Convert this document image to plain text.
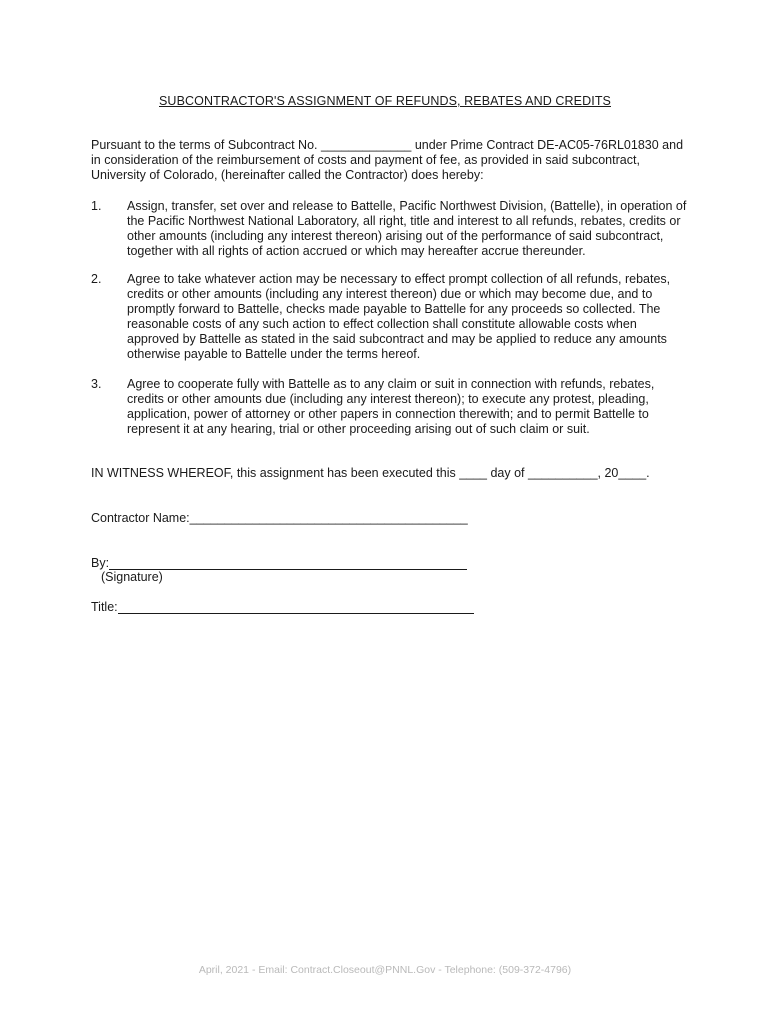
SUBCONTRACTOR'S ASSIGNMENT OF REFUNDS, REBATES AND CREDITS
Pursuant to the terms of Subcontract No. _____________ under Prime Contract DE-AC05-76RL01830 and in consideration of the reimbursement of costs and payment of fee, as provided in said subcontract, University of Colorado, (hereinafter called the Contractor) does hereby:
1.	Assign, transfer, set over and release to Battelle, Pacific Northwest Division, (Battelle), in operation of the Pacific Northwest National Laboratory, all right, title and interest to all refunds, rebates, credits or other amounts (including any interest thereon) arising out of the performance of said subcontract, together with all rights of action accrued or which may hereafter accrue thereunder.
2.	Agree to take whatever action may be necessary to effect prompt collection of all refunds, rebates, credits or other amounts (including any interest thereon) due or which may become due, and to promptly forward to Battelle, checks made payable to Battelle for any proceeds so collected. The reasonable costs of any such action to effect collection shall constitute allowable costs when approved by Battelle as stated in the said subcontract and may be applied to reduce any amounts otherwise payable to Battelle under the terms hereof.
3.	Agree to cooperate fully with Battelle as to any claim or suit in connection with refunds, rebates, credits or other amounts due (including any interest thereon); to execute any protest, pleading, application, power of attorney or other papers in connection therewith; and to permit Battelle to represent it at any hearing, trial or other proceeding arising out of such claim or suit.
IN WITNESS WHEREOF, this assignment has been executed this ____ day of __________, 20____.
Contractor Name:________________________________________
By:
(Signature)
Title:
April, 2021 - Email: Contract.Closeout@PNNL.Gov - Telephone: (509-372-4796)
